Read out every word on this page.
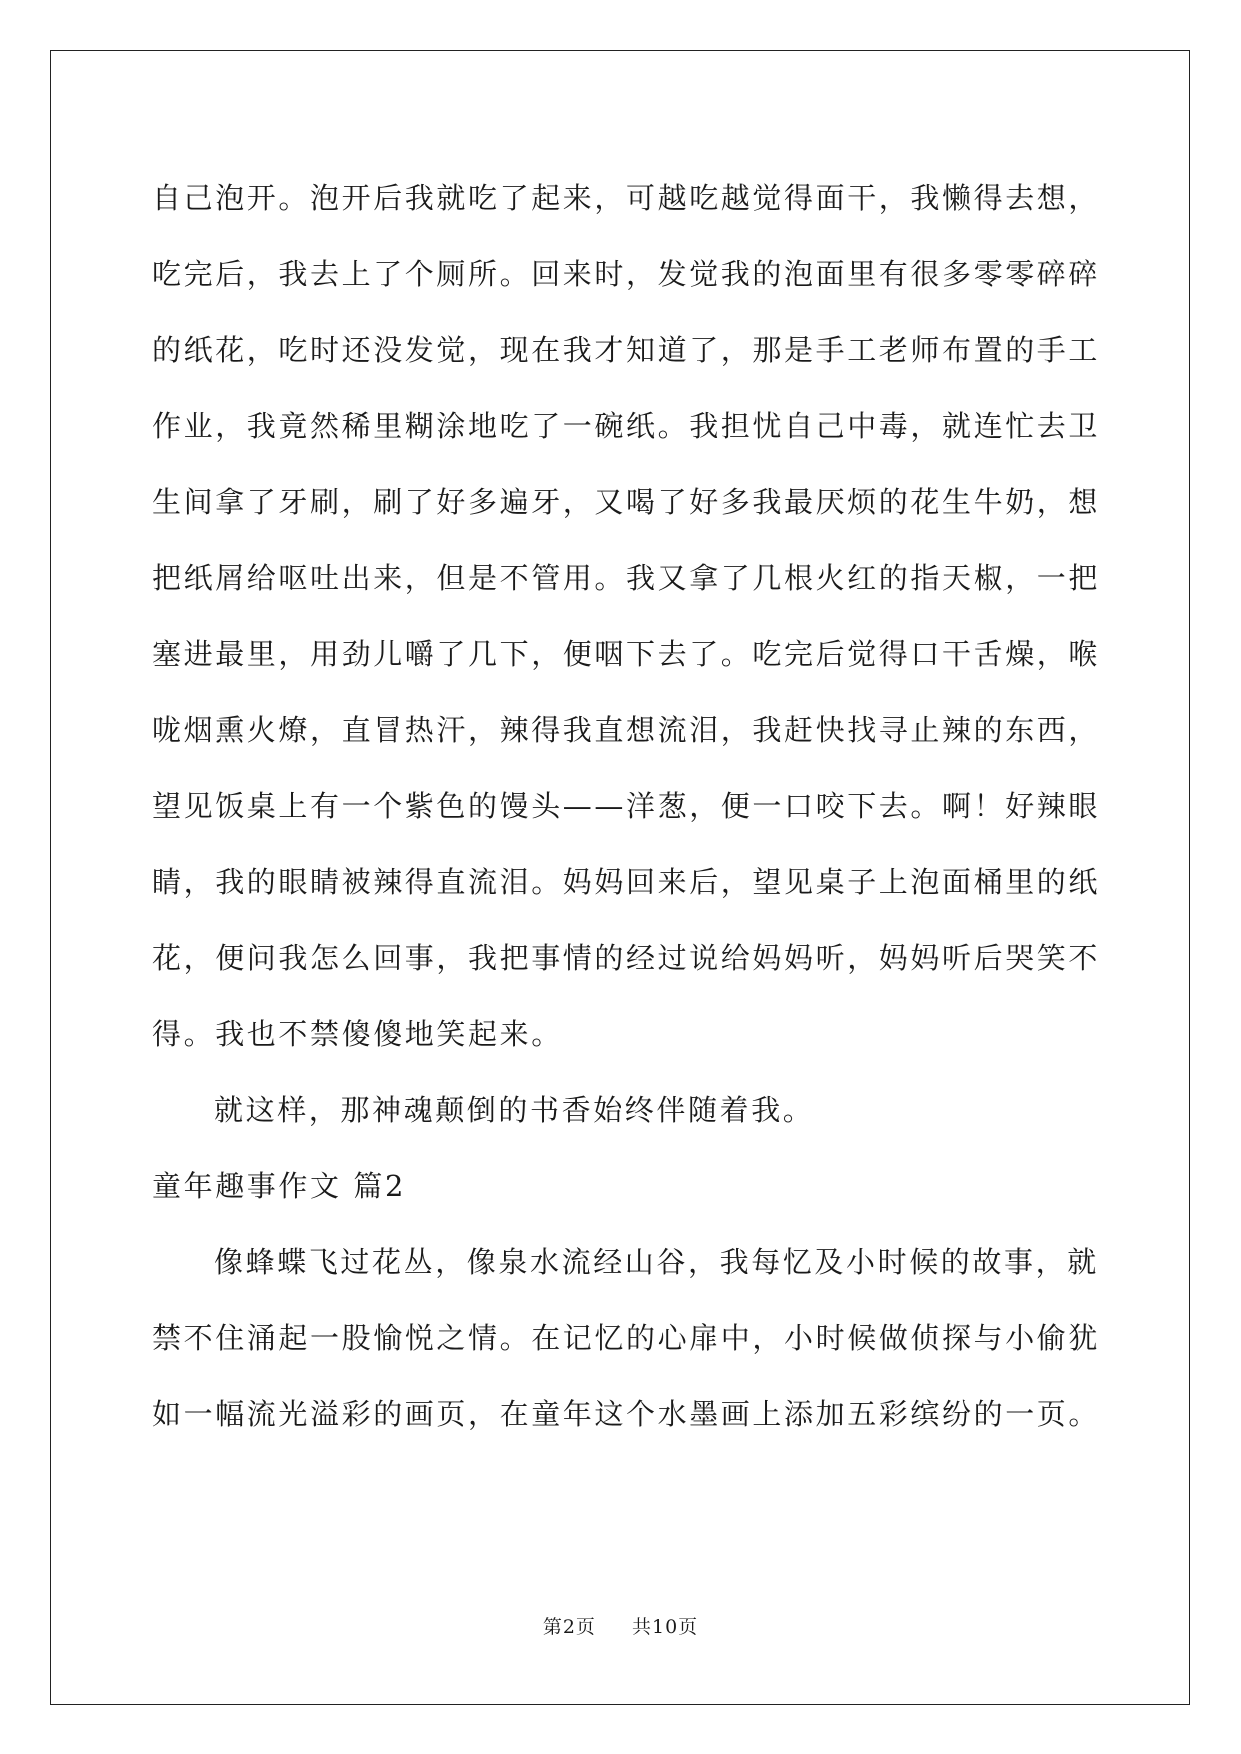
自己泡开。泡开后我就吃了起来，可越吃越觉得面干，我懒得去想，
吃完后，我去上了个厕所。回来时，发觉我的泡面里有很多零零碎碎
的纸花，吃时还没发觉，现在我才知道了，那是手工老师布置的手工
作业，我竟然稀里糊涂地吃了一碗纸。我担忧自己中毒，就连忙去卫
生间拿了牙刷，刷了好多遍牙，又喝了好多我最厌烦的花生牛奶，想
把纸屑给呕吐出来，但是不管用。我又拿了几根火红的指天椒，一把
塞进最里，用劲儿嚼了几下，便咽下去了。吃完后觉得口干舌燥，喉
咙烟熏火燎，直冒热汗，辣得我直想流泪，我赶快找寻止辣的东西，
望见饭桌上有一个紫色的馒头——洋葱，便一口咬下去。啊！好辣眼
睛，我的眼睛被辣得直流泪。妈妈回来后，望见桌子上泡面桶里的纸
花，便问我怎么回事，我把事情的经过说给妈妈听，妈妈听后哭笑不
得。我也不禁傻傻地笑起来。
就这样，那神魂颠倒的书香始终伴随着我。
童年趣事作文 篇2
像蜂蝶飞过花丛，像泉水流经山谷，我每忆及小时候的故事，就
禁不住涌起一股愉悦之情。在记忆的心扉中，小时候做侦探与小偷犹
如一幅流光溢彩的画页，在童年这个水墨画上添加五彩缤纷的一页。
第2页 共10页
